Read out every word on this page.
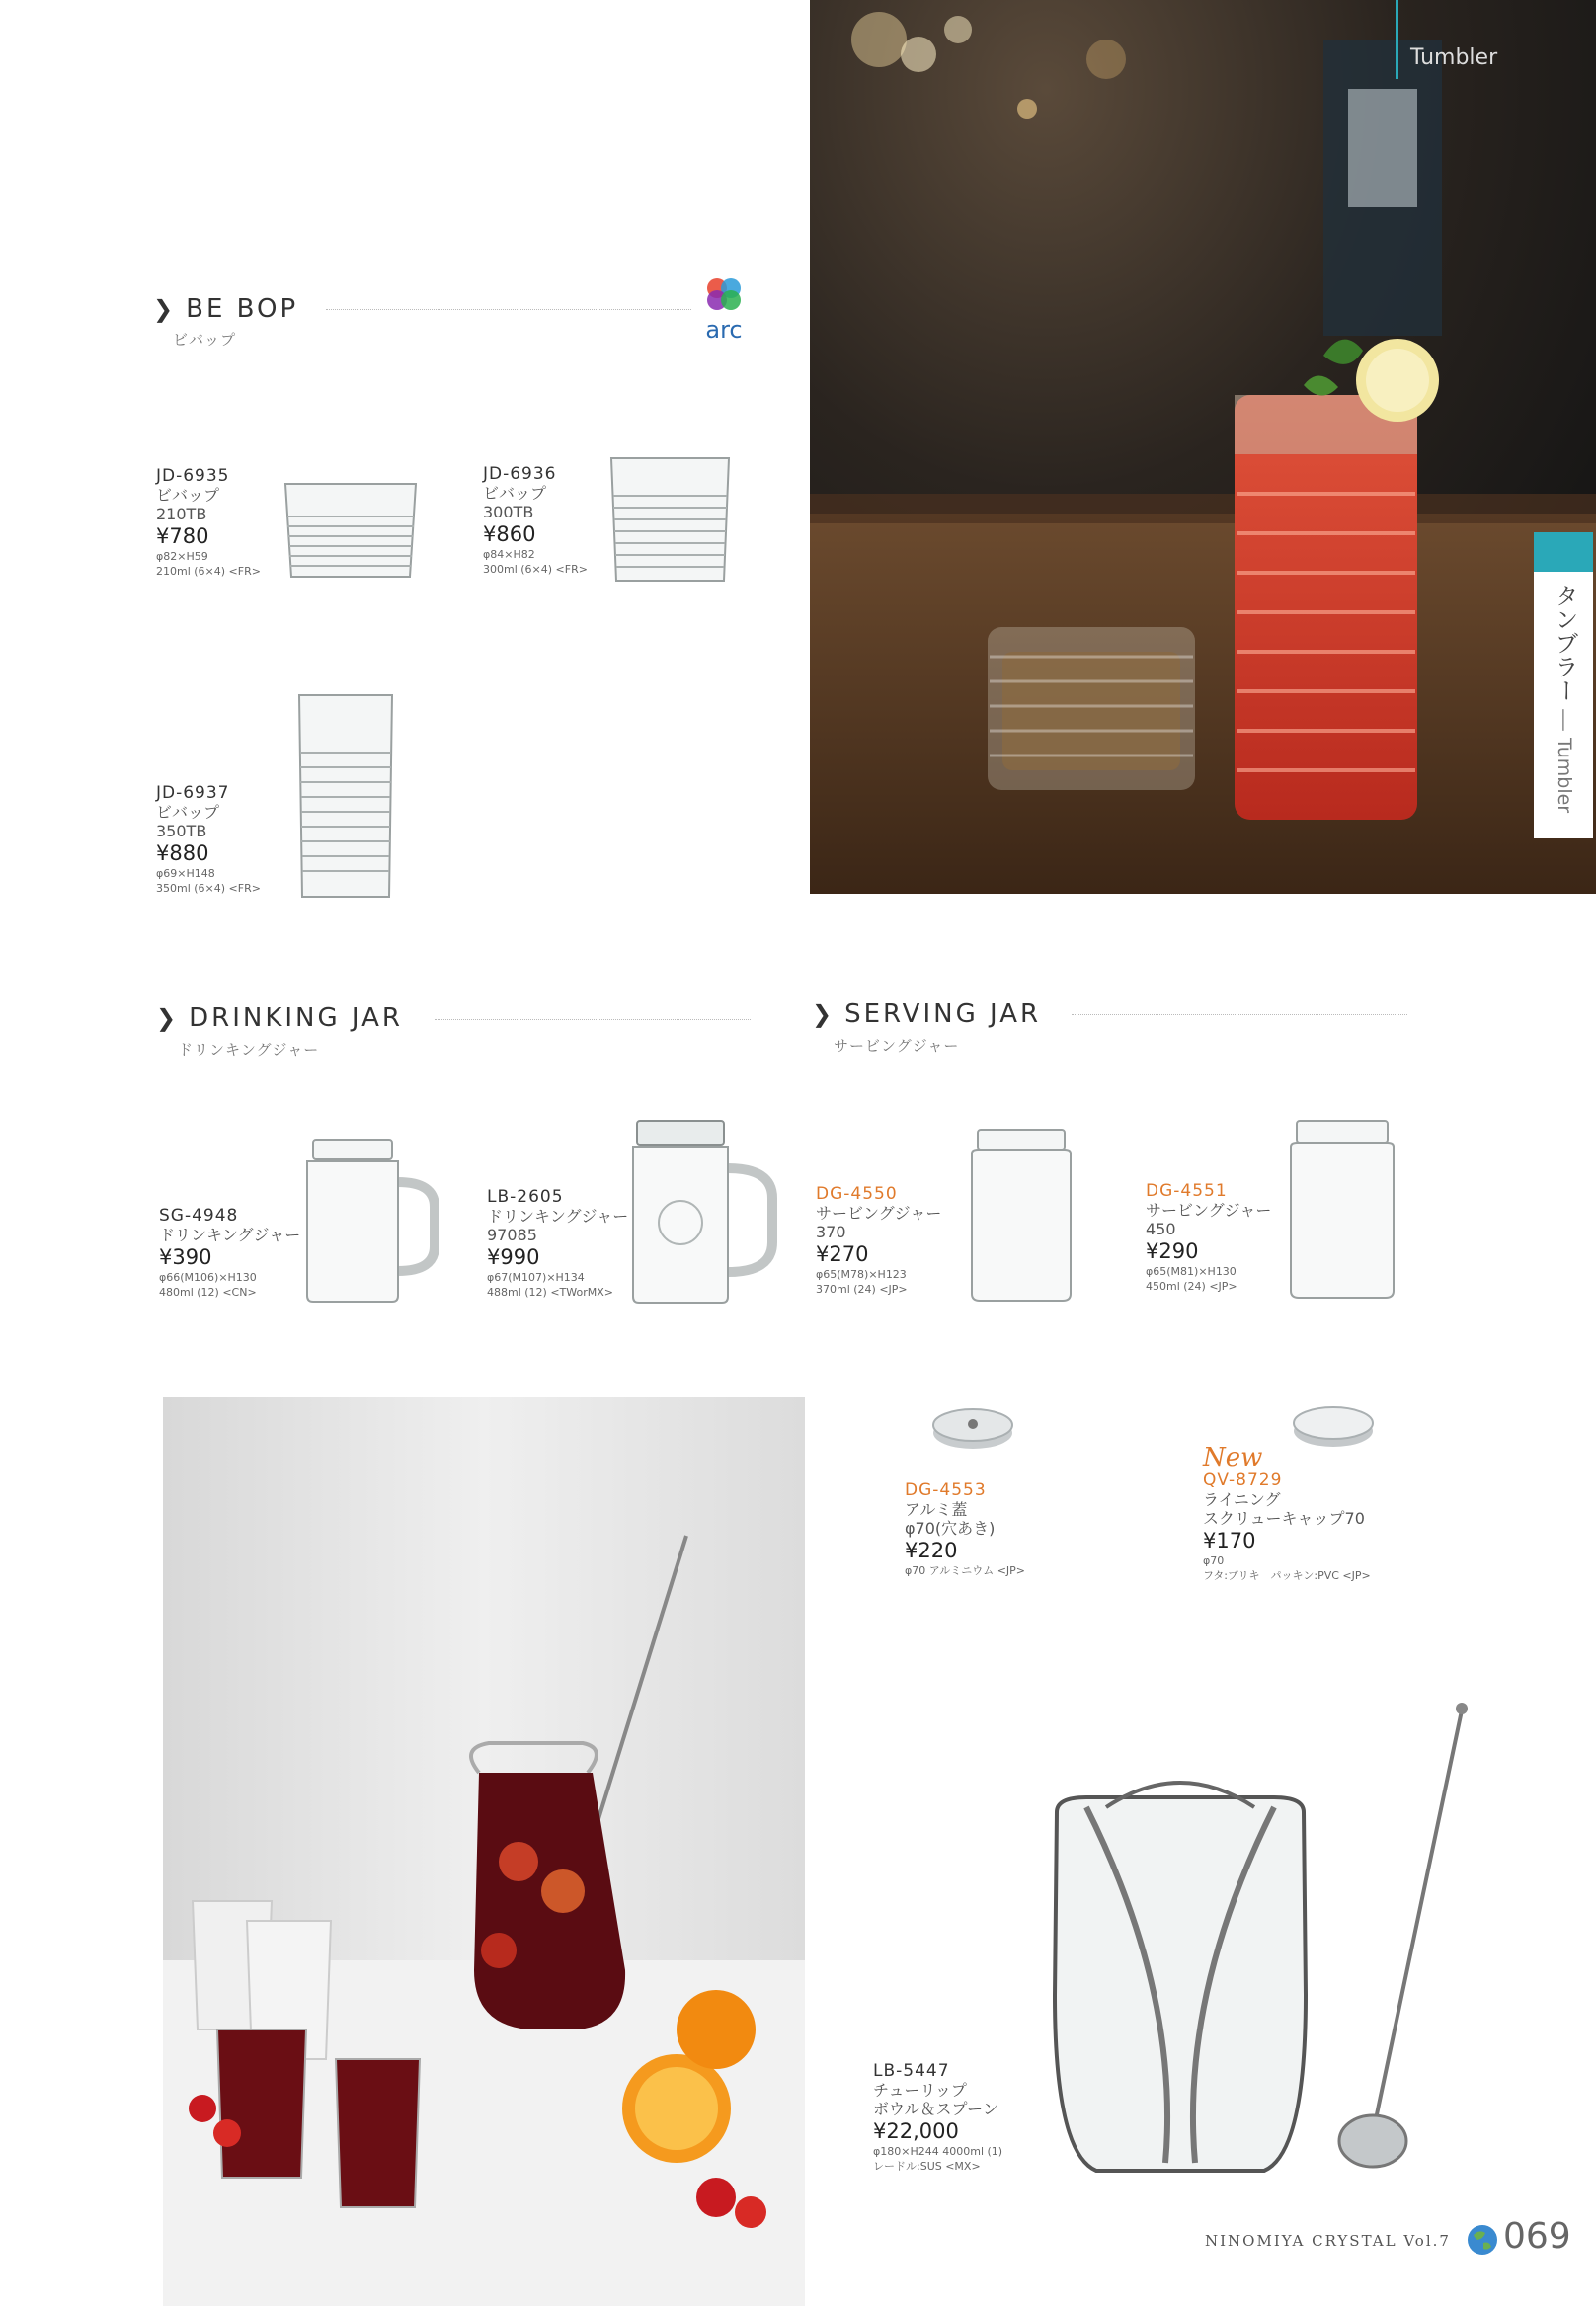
Tumbler
タンブラー—Tumbler
❯ BE BOP
ビバップ	arc
JD-6935
ビバップ
210TB
¥780
φ82×H59
210ml (6×4) <FR>
JD-6936
ビバップ
300TB
¥860
φ84×H82
300ml (6×4) <FR>
JD-6937
ビバップ
350TB
¥880
φ69×H148
350ml (6×4) <FR>
❯ DRINKING JAR
ドリンキングジャー
SG-4948
ドリンキングジャー
¥390
φ66(M106)×H130
480ml (12) <CN>
LB-2605
ドリンキングジャー
97085
¥990
φ67(M107)×H134
488ml (12) <TWorMX>
❯ SERVING JAR
サービングジャー
DG-4550
サービングジャー
370
¥270
φ65(M78)×H123
370ml (24) <JP>
DG-4551
サービングジャー
450
¥290
φ65(M81)×H130
450ml (24) <JP>
DG-4553
アルミ蓋
φ70(穴あき)
¥220
φ70 アルミニウム <JP>
New
QV-8729
ライニング
スクリューキャップ70
¥170
φ70
フタ:ブリキ　パッキン:PVC <JP>
LB-5447
チューリップ
ボウル＆スプーン
¥22,000
φ180×H244 4000ml (1)
レードル:SUS <MX>
NINOMIYA CRYSTAL Vol.7 069
